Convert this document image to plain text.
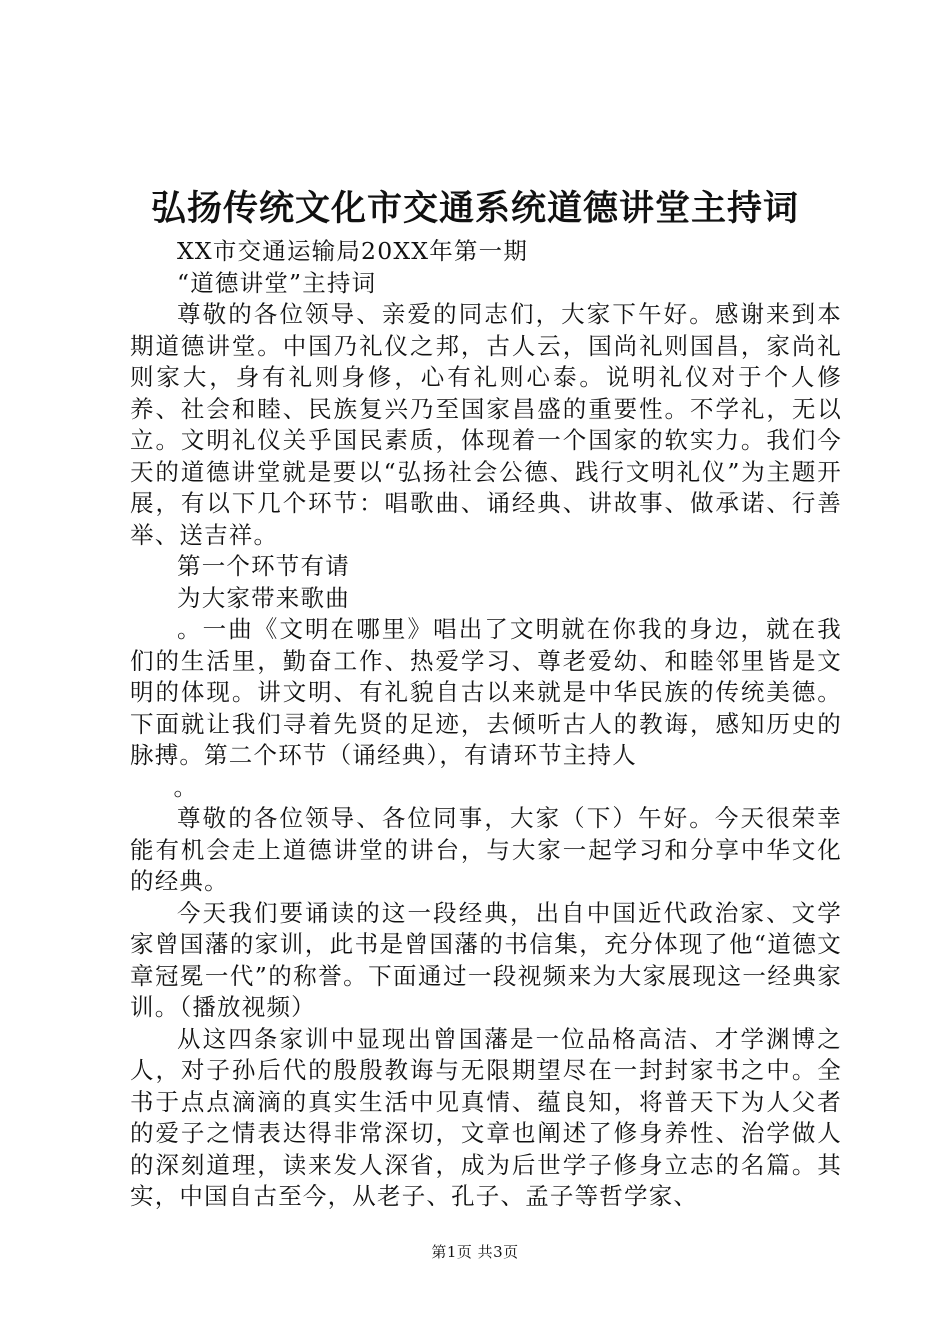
弘扬传统文化市交通系统道德讲堂主持词

XX市交通运输局20XX年第一期

“道德讲堂”主持词

尊敬的各位领导、亲爱的同志们，大家下午好。感谢来到本期道德讲堂。中国乃礼仪之邦，古人云，国尚礼则国昌，家尚礼则家大，身有礼则身修，心有礼则心泰。说明礼仪对于个人修养、社会和睦、民族复兴乃至国家昌盛的重要性。不学礼，无以立。文明礼仪关乎国民素质，体现着一个国家的软实力。我们今天的道德讲堂就是要以“弘扬社会公德、践行文明礼仪”为主题开展，有以下几个环节：唱歌曲、诵经典、讲故事、做承诺、行善举、送吉祥。

第一个环节有请

为大家带来歌曲

。一曲《文明在哪里》唱出了文明就在你我的身边，就在我们的生活里，勤奋工作、热爱学习、尊老爱幼、和睦邻里皆是文明的体现。讲文明、有礼貌自古以来就是中华民族的传统美德。下面就让我们寻着先贤的足迹，去倾听古人的教诲，感知历史的脉搏。第二个环节（诵经典），有请环节主持人

。

尊敬的各位领导、各位同事，大家（下）午好。今天很荣幸能有机会走上道德讲堂的讲台，与大家一起学习和分享中华文化的经典。

今天我们要诵读的这一段经典，出自中国近代政治家、文学家曾国藩的家训，此书是曾国藩的书信集，充分体现了他“道德文章冠冕一代”的称誉。下面通过一段视频来为大家展现这一经典家训。（播放视频）

从这四条家训中显现出曾国藩是一位品格高洁、才学渊博之人，对子孙后代的殷殷教诲与无限期望尽在一封封家书之中。全书于点点滴滴的真实生活中见真情、蕴良知，将普天下为人父者的爱子之情表达得非常深切，文章也阐述了修身养性、治学做人的深刻道理，读来发人深省，成为后世学子修身立志的名篇。其实，中国自古至今，从老子、孔子、孟子等哲学家、

第1页 共3页
